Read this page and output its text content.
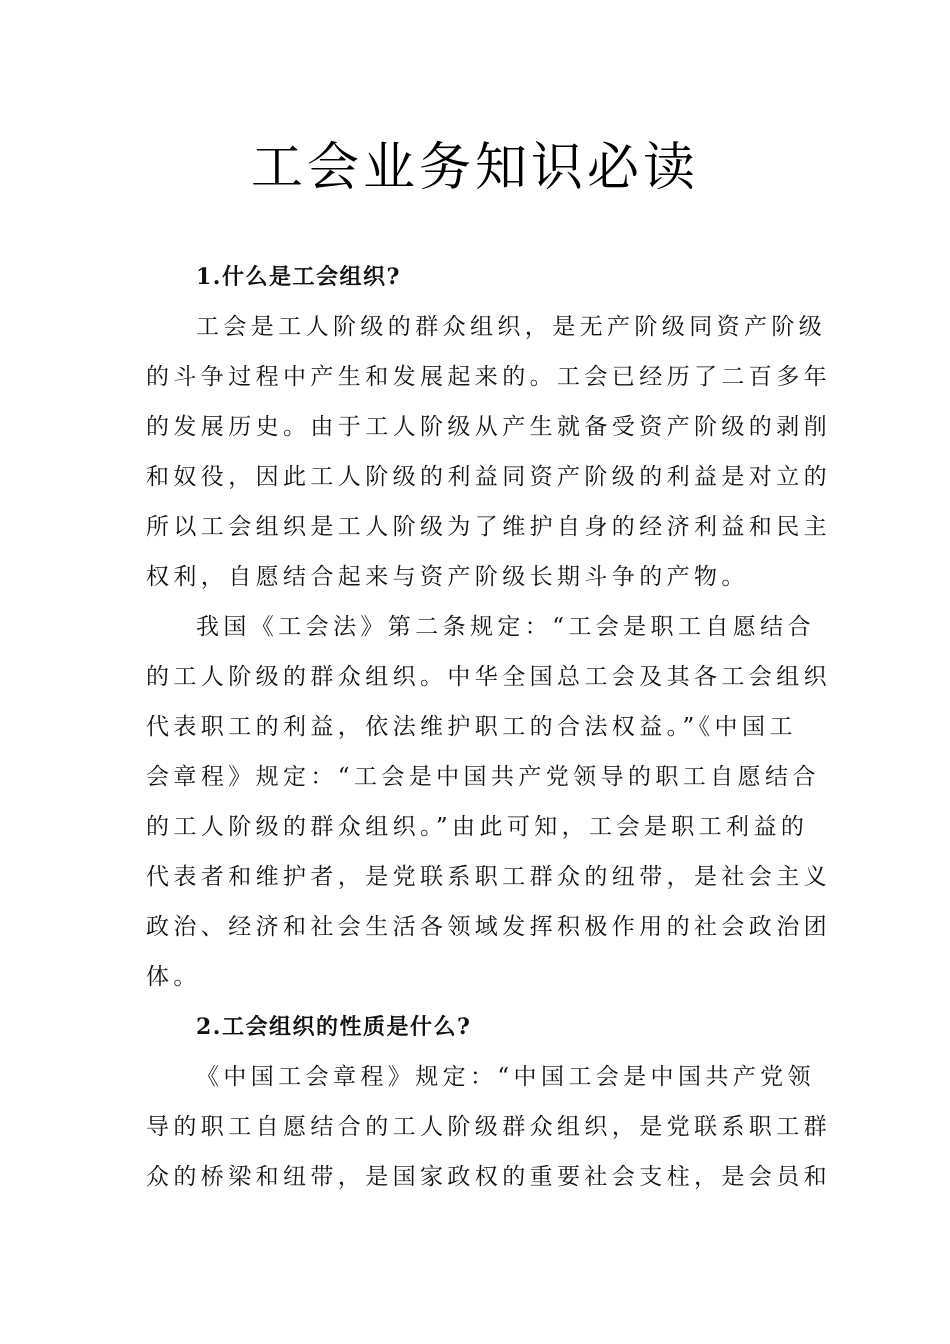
工会业务知识必读
1.什么是工会组织?

工会是工人阶级的群众组织，是无产阶级同资产阶级
的斗争过程中产生和发展起来的。工会已经历了二百多年
的发展历史。由于工人阶级从产生就备受资产阶级的剥削
和奴役，因此工人阶级的利益同资产阶级的利益是对立的
所以工会组织是工人阶级为了维护自身的经济利益和民主
权利，自愿结合起来与资产阶级长期斗争的产物。

我国《工会法》第二条规定：“工会是职工自愿结合
的工人阶级的群众组织。中华全国总工会及其各工会组织
代表职工的利益，依法维护职工的合法权益。”《中国工
会章程》规定：“工会是中国共产党领导的职工自愿结合
的工人阶级的群众组织。”由此可知，工会是职工利益的
代表者和维护者，是党联系职工群众的纽带，是社会主义
政治、经济和社会生活各领域发挥积极作用的社会政治团
体。

2.工会组织的性质是什么?

《中国工会章程》规定：“中国工会是中国共产党领
导的职工自愿结合的工人阶级群众组织，是党联系职工群
众的桥梁和纽带，是国家政权的重要社会支柱，是会员和
